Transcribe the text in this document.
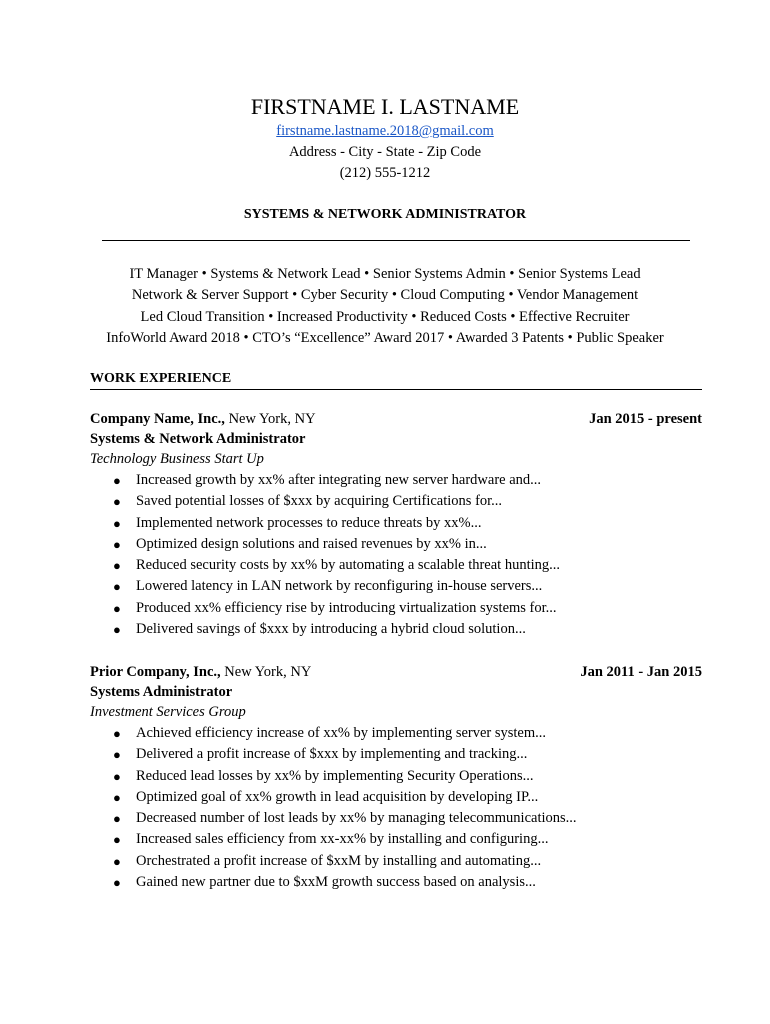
FIRSTNAME I. LASTNAME
firstname.lastname.2018@gmail.com
Address - City - State - Zip Code
(212) 555-1212
SYSTEMS & NETWORK ADMINISTRATOR
IT Manager • Systems & Network Lead • Senior Systems Admin • Senior Systems Lead
Network & Server Support • Cyber Security • Cloud Computing • Vendor Management
Led Cloud Transition • Increased Productivity • Reduced Costs • Effective Recruiter
InfoWorld Award 2018 • CTO’s “Excellence” Award 2017 • Awarded 3 Patents • Public Speaker
WORK EXPERIENCE
Company Name, Inc., New York, NY	Jan 2015 - present
Systems & Network Administrator
Technology Business Start Up
● Increased growth by xx% after integrating new server hardware and...
● Saved potential losses of $xxx by acquiring Certifications for...
● Implemented network processes to reduce threats by xx%...
● Optimized design solutions and raised revenues by xx% in...
● Reduced security costs by xx% by automating a scalable threat hunting...
● Lowered latency in LAN network by reconfiguring in-house servers...
● Produced xx% efficiency rise by introducing virtualization systems for...
● Delivered savings of $xxx by introducing a hybrid cloud solution...
Prior Company, Inc., New York, NY	Jan 2011 - Jan 2015
Systems Administrator
Investment Services Group
● Achieved efficiency increase of xx% by implementing server system...
● Delivered a profit increase of $xxx by implementing and tracking...
● Reduced lead losses by xx% by implementing Security Operations...
● Optimized goal of xx% growth in lead acquisition by developing IP...
● Decreased number of lost leads by xx% by managing telecommunications...
● Increased sales efficiency from xx-xx% by installing and configuring...
● Orchestrated a profit increase of $xxM by installing and automating...
● Gained new partner due to $xxM growth success based on analysis...
